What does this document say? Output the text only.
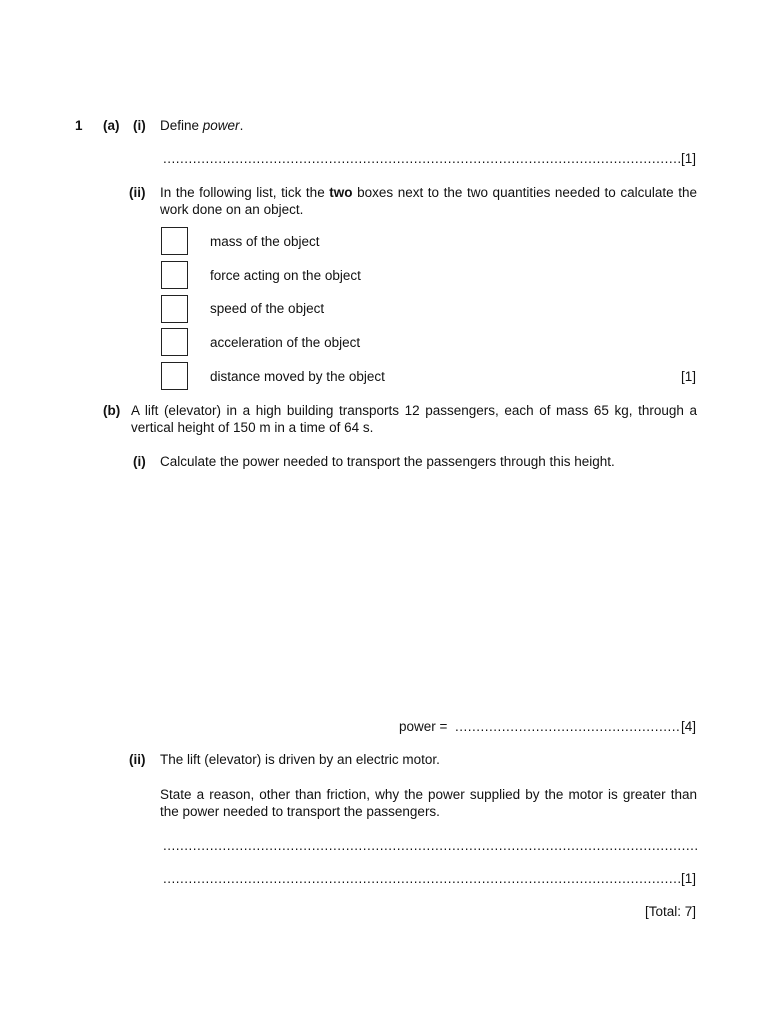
1 (a) (i) Define power.
.....
[1]
(ii) In the following list, tick the two boxes next to the two quantities needed to calculate the work done on an object.
mass of the object
force acting on the object
speed of the object
acceleration of the object
distance moved by the object	[1]
(b) A lift (elevator) in a high building transports 12 passengers, each of mass 65 kg, through a vertical height of 150 m in a time of 64 s.
(i) Calculate the power needed to transport the passengers through this height.
power =
.....	[4]
(ii) The lift (elevator) is driven by an electric motor.
State a reason, other than friction, why the power supplied by the motor is greater than the power needed to transport the passengers.
.....
.....
[1]
[Total: 7]
